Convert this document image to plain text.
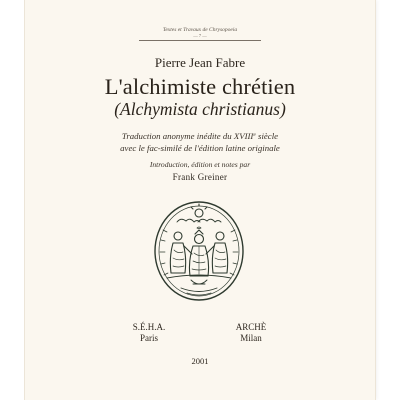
Textes et Travaux de Chrysopoeia
— 7 —
Pierre Jean Fabre
L'alchimiste chrétien
(Alchymista christianus)
Traduction anonyme inédite du XVIIIe siècle
avec le fac-similé de l'édition latine originale
Introduction, édition et notes par
Frank Greiner
S.É.H.A.
Paris
ARCHÈ
Milan
2001
